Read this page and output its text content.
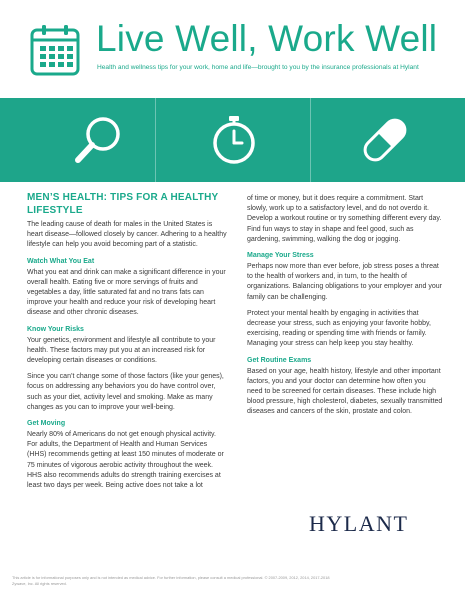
Live Well, Work Well
Health and wellness tips for your work, home and life—brought to you by the insurance professionals at Hylant
MEN’S HEALTH: TIPS FOR A HEALTHY LIFESTYLE

The leading cause of death for males in the United States is heart disease—followed closely by cancer. Adhering to a healthy lifestyle can help you avoid becoming part of a statistic.

Watch What You Eat

What you eat and drink can make a significant difference in your overall health. Eating five or more servings of fruits and vegetables a day, little saturated fat and no trans fats can improve your health and reduce your risk of developing heart disease and other chronic diseases.

Know Your Risks

Your genetics, environment and lifestyle all contribute to your health. These factors may put you at an increased risk for developing certain diseases or conditions.

Since you can’t change some of those factors (like your genes), focus on addressing any behaviors you do have control over, such as your diet, activity level and smoking. Make as many changes as you can to improve your well-being.

Get Moving

Nearly 80% of Americans do not get enough physical activity. For adults, the Department of Health and Human Services (HHS) recommends getting at least 150 minutes of moderate or 75 minutes of vigorous aerobic activity throughout the week. HHS also recommends adults do strength training exercises at least two days per week. Being active does not take a lot

of time or money, but it does require a commitment. Start slowly, work up to a satisfactory level, and do not overdo it. Develop a workout routine or try something different every day. Find fun ways to stay in shape and feel good, such as gardening, swimming, walking the dog or jogging.

Manage Your Stress

Perhaps now more than ever before, job stress poses a threat to the health of workers and, in turn, to the health of organizations. Balancing obligations to your employer and your family can be challenging.

Protect your mental health by engaging in activities that decrease your stress, such as enjoying your favorite hobby, exercising, reading or spending time with friends or family. Managing your stress can help keep you stay healthy.

Get Routine Exams

Based on your age, health history, lifestyle and other important factors, you and your doctor can determine how often you need to be screened for certain diseases. These include high blood pressure, high cholesterol, diabetes, sexually transmitted diseases and cancers of the skin, prostate and colon.

HYLANT
This article is for informational purposes only and is not intended as medical advice. For further information, please consult a medical professional. © 2007-2009, 2012, 2014, 2017-2018 Zywave, Inc. All rights reserved.
